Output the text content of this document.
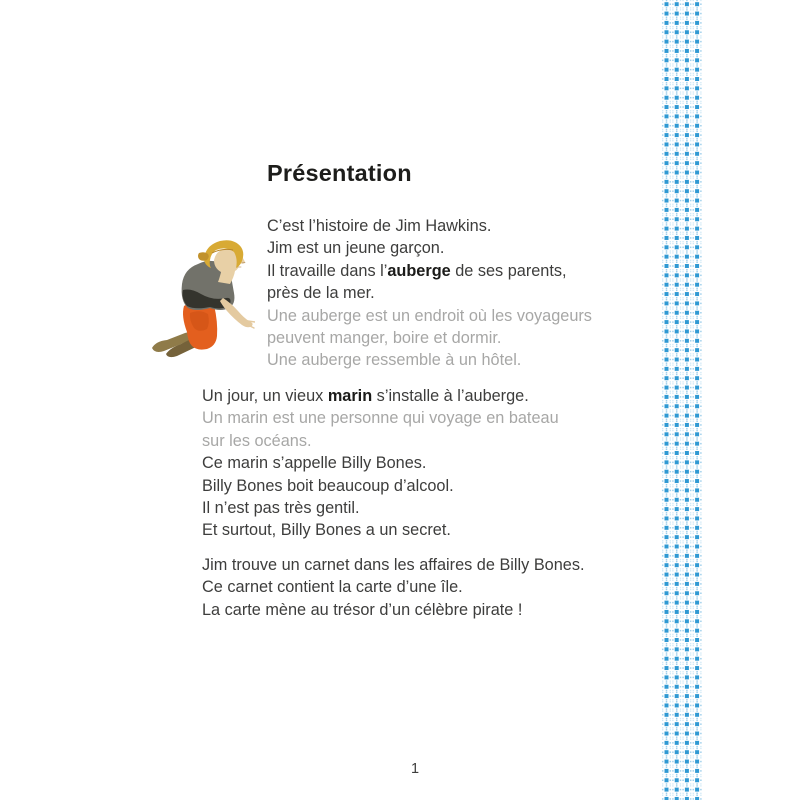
Présentation
C’est l’histoire de Jim Hawkins.
Jim est un jeune garçon.
Il travaille dans l’auberge de ses parents,
près de la mer.
Une auberge est un endroit où les voyageurs
peuvent manger, boire et dormir.
Une auberge ressemble à un hôtel.
Un jour, un vieux marin s’installe à l’auberge.
Un marin est une personne qui voyage en bateau
sur les océans.
Ce marin s’appelle Billy Bones.
Billy Bones boit beaucoup d’alcool.
Il n’est pas très gentil.
Et surtout, Billy Bones a un secret.
Jim trouve un carnet dans les affaires de Billy Bones.
Ce carnet contient la carte d’une île.
La carte mène au trésor d’un célèbre pirate !
1
